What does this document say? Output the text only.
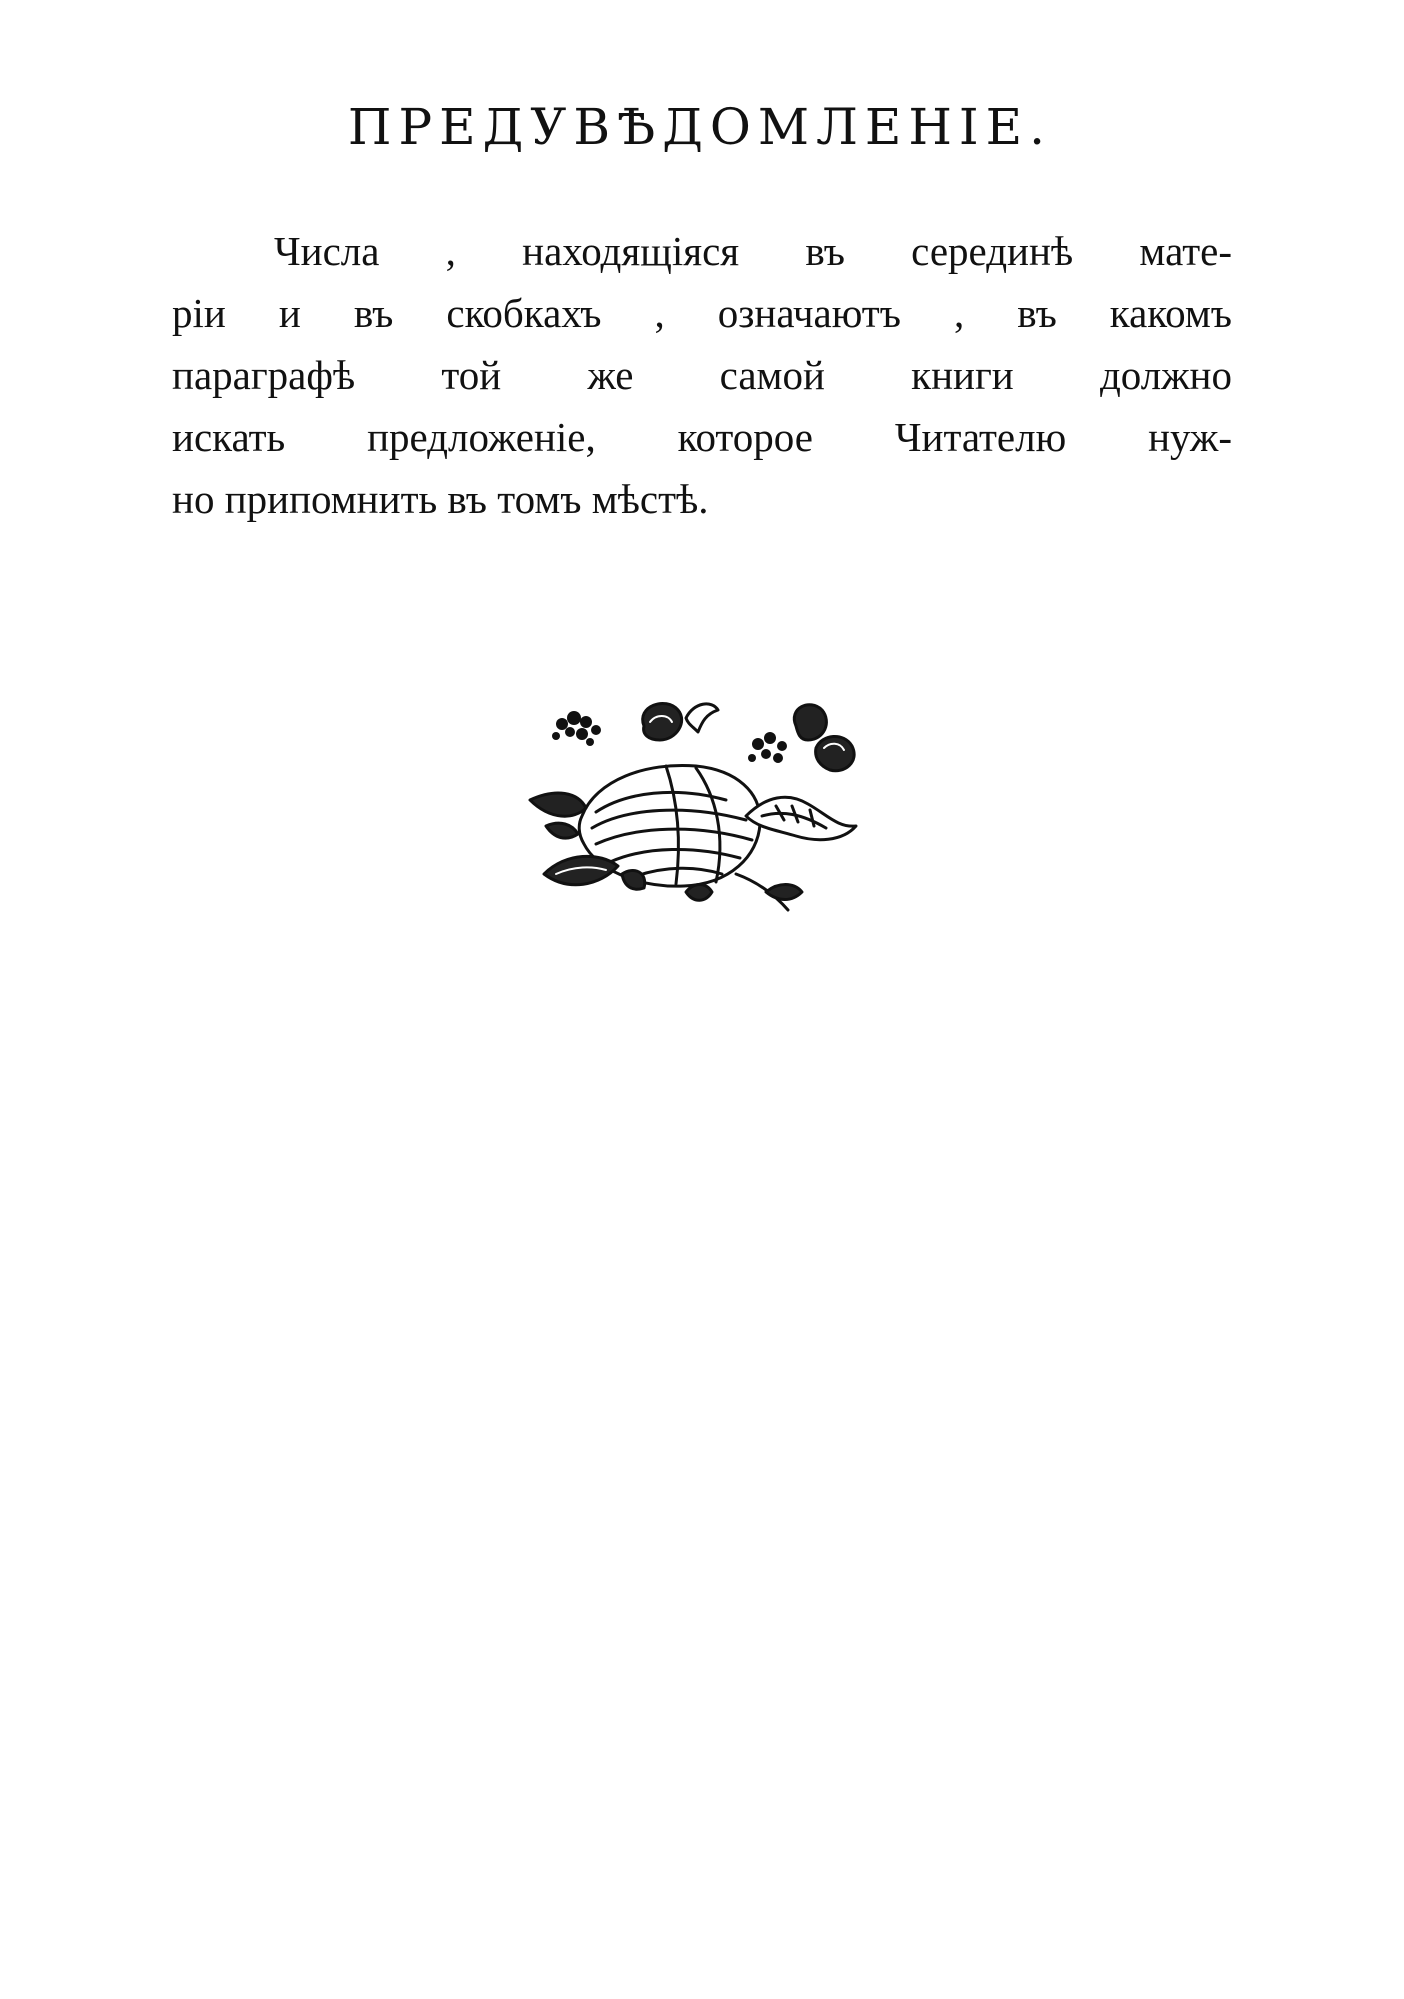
ПРЕДУВѢДОМЛЕНІЕ.
Числа , находящіяся въ серединѣ мате-
ріи и въ скобкахъ , означаютъ , въ какомъ
параграфѣ той же самой книги должно
искать предложеніе, которое Читателю нуж-
но припомнить въ томъ мѣстѣ.
